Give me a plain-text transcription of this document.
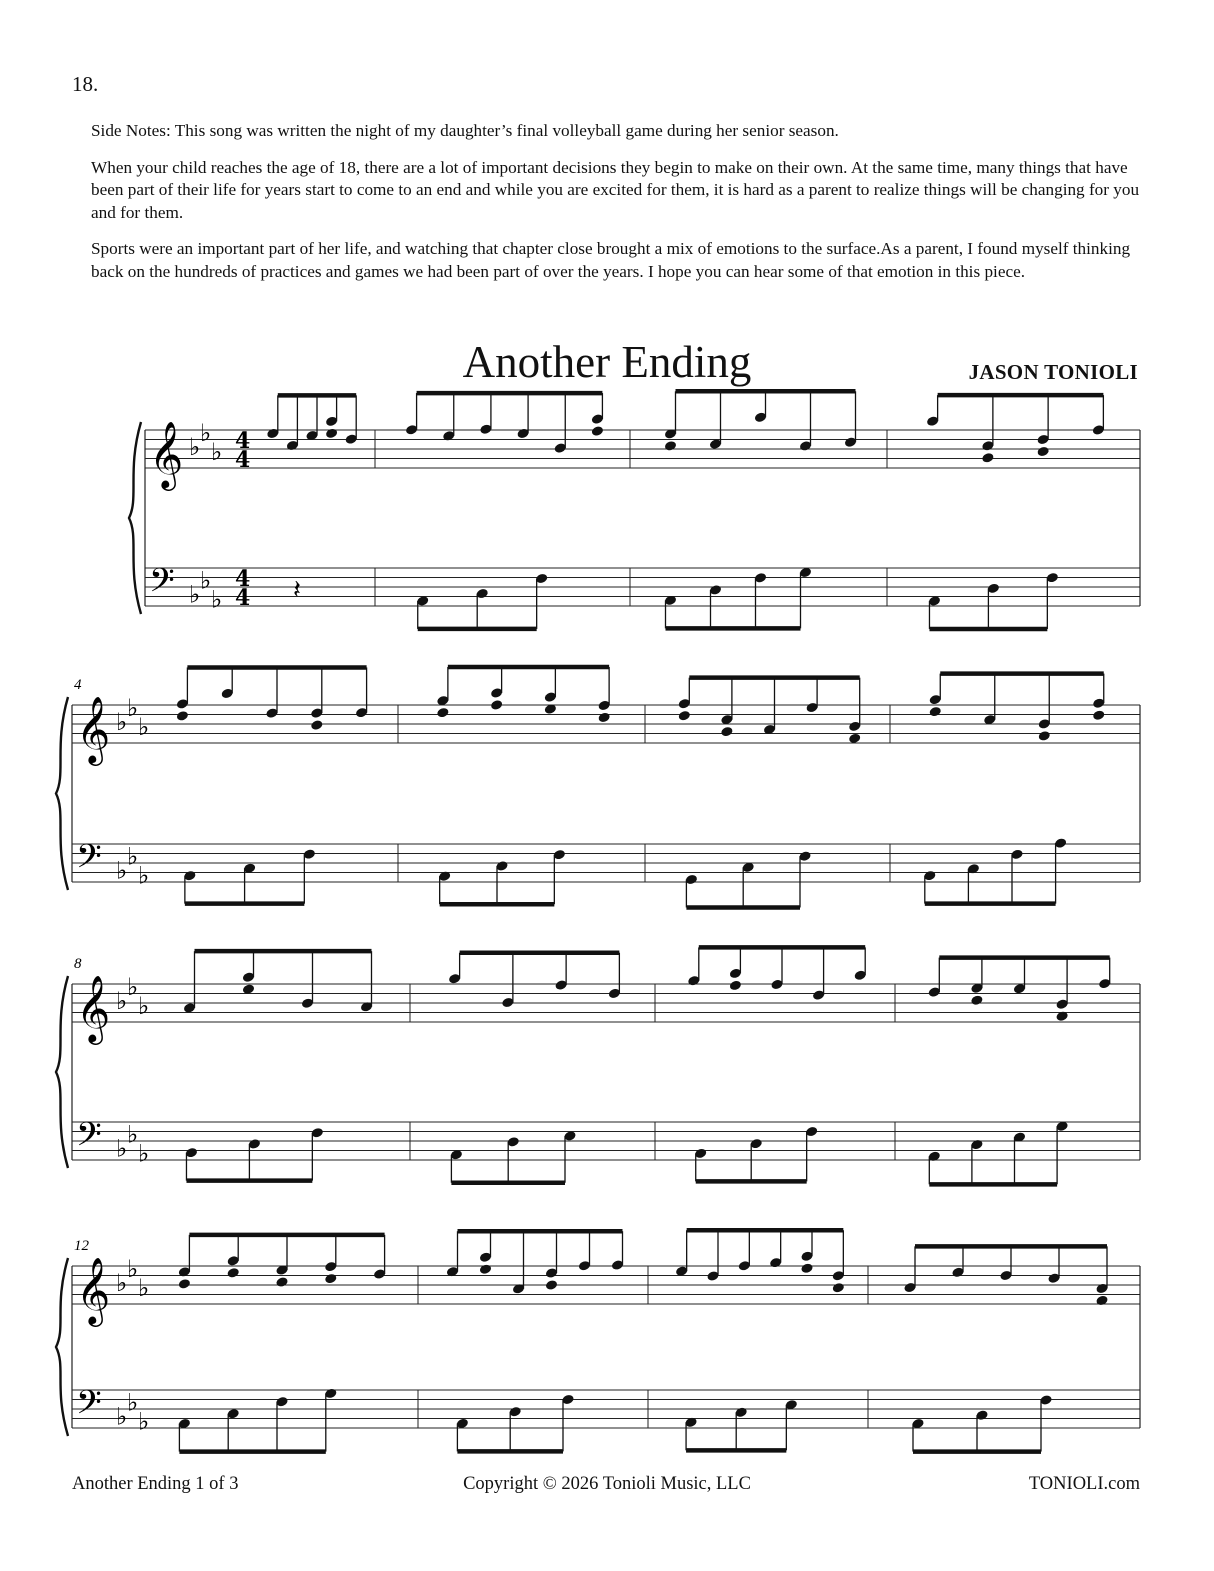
18.

Side Notes: This song was written the night of my daughter’s final volleyball game during her senior season.

When your child reaches the age of 18, there are a lot of important decisions they begin to make on their own. At the same time, many things that have been part of their life for years start to come to an end and while you are excited for them, it is hard as a parent to realize things will be changing for you and for them.

Sports were an important part of her life, and watching that chapter close brought a mix of emotions to the surface.As a parent, I found myself thinking back on the hundreds of practices and games we had been part of over the years. I hope you can hear some of that emotion in this piece.

Another Ending	JASON TONIOLI
𝄞
𝄢
♭
♭
♭
♭
♭
♭
4
4
4
4 𝄽
𝄞
𝄢
♭
♭
♭
♭
♭
♭
4
𝄞
𝄢
♭
♭
♭
♭
♭
♭
8
𝄞
𝄢
♭
♭
♭
♭
♭
♭
12
Another Ending 1 of 3	Copyright © 2026 Tonioli Music, LLC	TONIOLI.com
